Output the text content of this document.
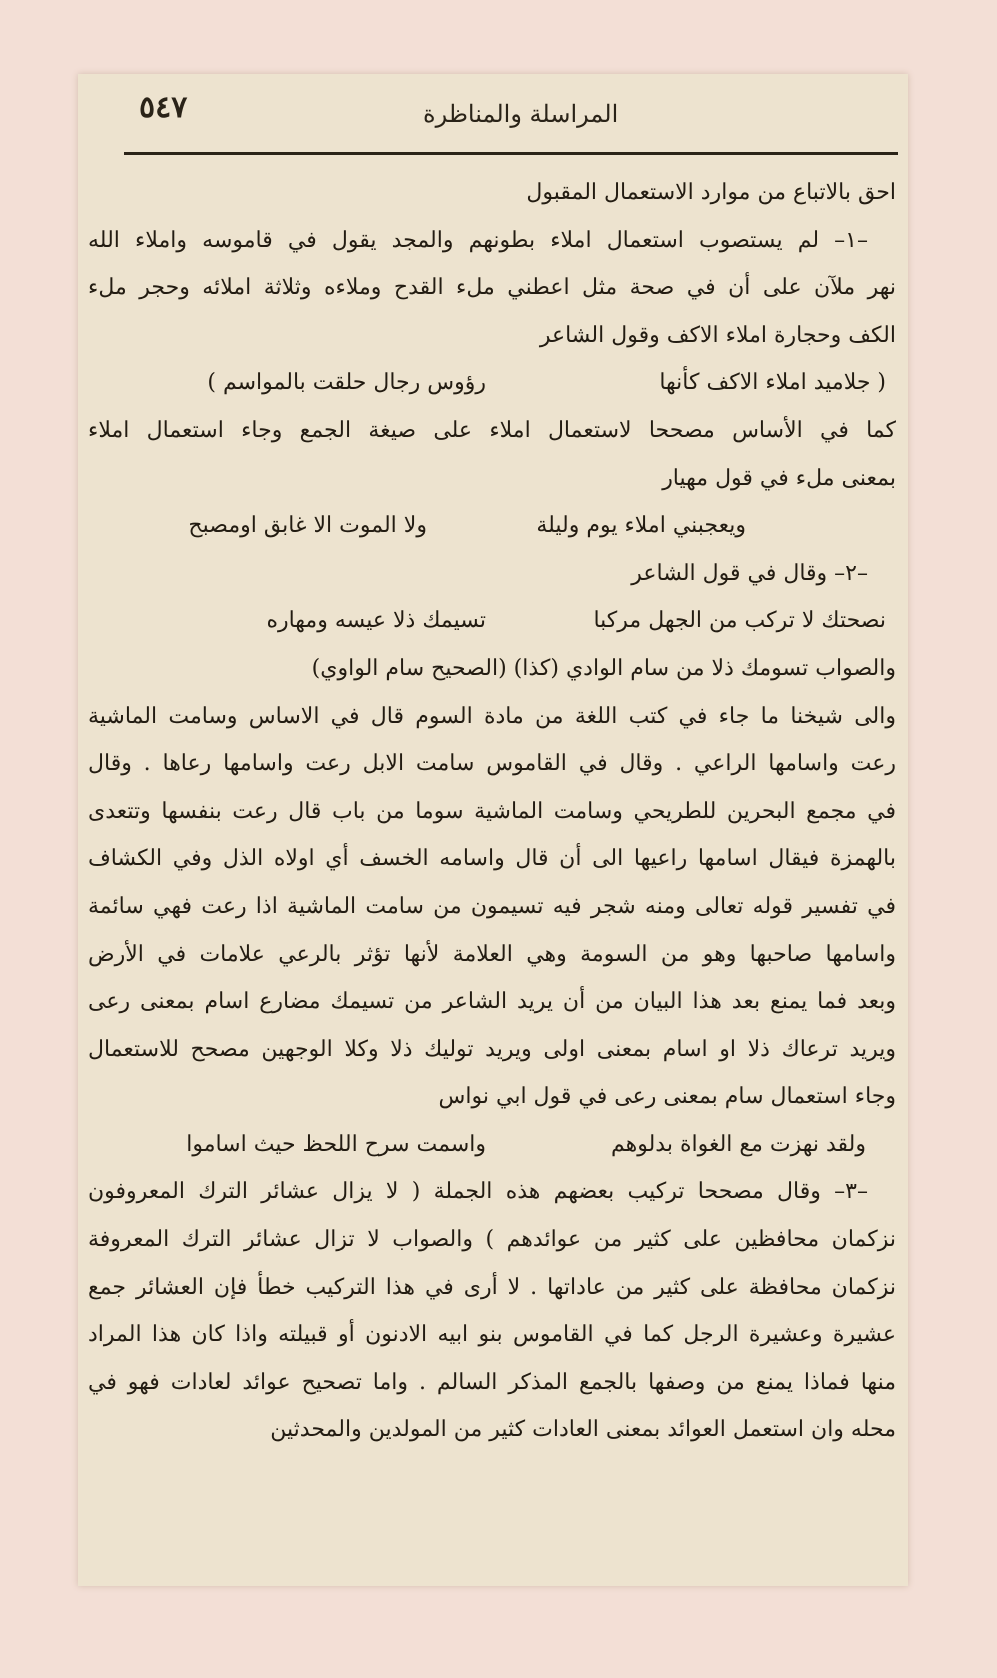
٥٤٧	المراسلة والمناظرة
احق بالاتباع من موارد الاستعمال المقبول
–١– لم يستصوب استعمال املاء بطونهم والمجد يقول في قاموسه واملاء الله
نهر ملآن على أن في صحة مثل اعطني ملء القدح وملاءه وثلاثة املائه وحجر ملء
الكف وحجارة املاء الاكف وقول الشاعر
( جلاميد املاء الاكف كأنها
رؤوس رجال حلقت بالمواسم )
كما في الأساس مصححا لاستعمال املاء على صيغة الجمع وجاء استعمال املاء
بمعنى ملء في قول مهيار
ويعجبني املاء يوم وليلة
ولا الموت الا غابق اومصبح
–٢– وقال في قول الشاعر
نصحتك لا تركب من الجهل مركبا
تسيمك ذلا عيسه ومهاره
والصواب تسومك ذلا من سام الوادي (كذا) (الصحيح سام الواوي)
والى شيخنا ما جاء في كتب اللغة من مادة السوم قال في الاساس وسامت الماشية
رعت واسامها الراعي . وقال في القاموس سامت الابل رعت واسامها رعاها . وقال
في مجمع البحرين للطريحي وسامت الماشية سوما من باب قال رعت بنفسها وتتعدى
بالهمزة فيقال اسامها راعيها الى أن قال واسامه الخسف أي اولاه الذل وفي الكشاف
في تفسير قوله تعالى ومنه شجر فيه تسيمون من سامت الماشية اذا رعت فهي سائمة
واسامها صاحبها وهو من السومة وهي العلامة لأنها تؤثر بالرعي علامات في الأرض
وبعد فما يمنع بعد هذا البيان من أن يريد الشاعر من تسيمك مضارع اسام بمعنى رعى
ويريد ترعاك ذلا او اسام بمعنى اولى ويريد توليك ذلا وكلا الوجهين مصحح للاستعمال
وجاء استعمال سام بمعنى رعى في قول ابي نواس
ولقد نهزت مع الغواة بدلوهم
واسمت سرح اللحظ حيث اساموا
–٣– وقال مصححا تركيب بعضهم هذه الجملة ( لا يزال عشائر الترك المعروفون
نزكمان محافظين على كثير من عوائدهم ) والصواب لا تزال عشائر الترك المعروفة
نزكمان محافظة على كثير من عاداتها . لا أرى في هذا التركيب خطأ فإن العشائر جمع
عشيرة وعشيرة الرجل كما في القاموس بنو ابيه الادنون أو قبيلته واذا كان هذا المراد
منها فماذا يمنع من وصفها بالجمع المذكر السالم . واما تصحيح عوائد لعادات فهو في
محله وان استعمل العوائد بمعنى العادات كثير من المولدين والمحدثين
